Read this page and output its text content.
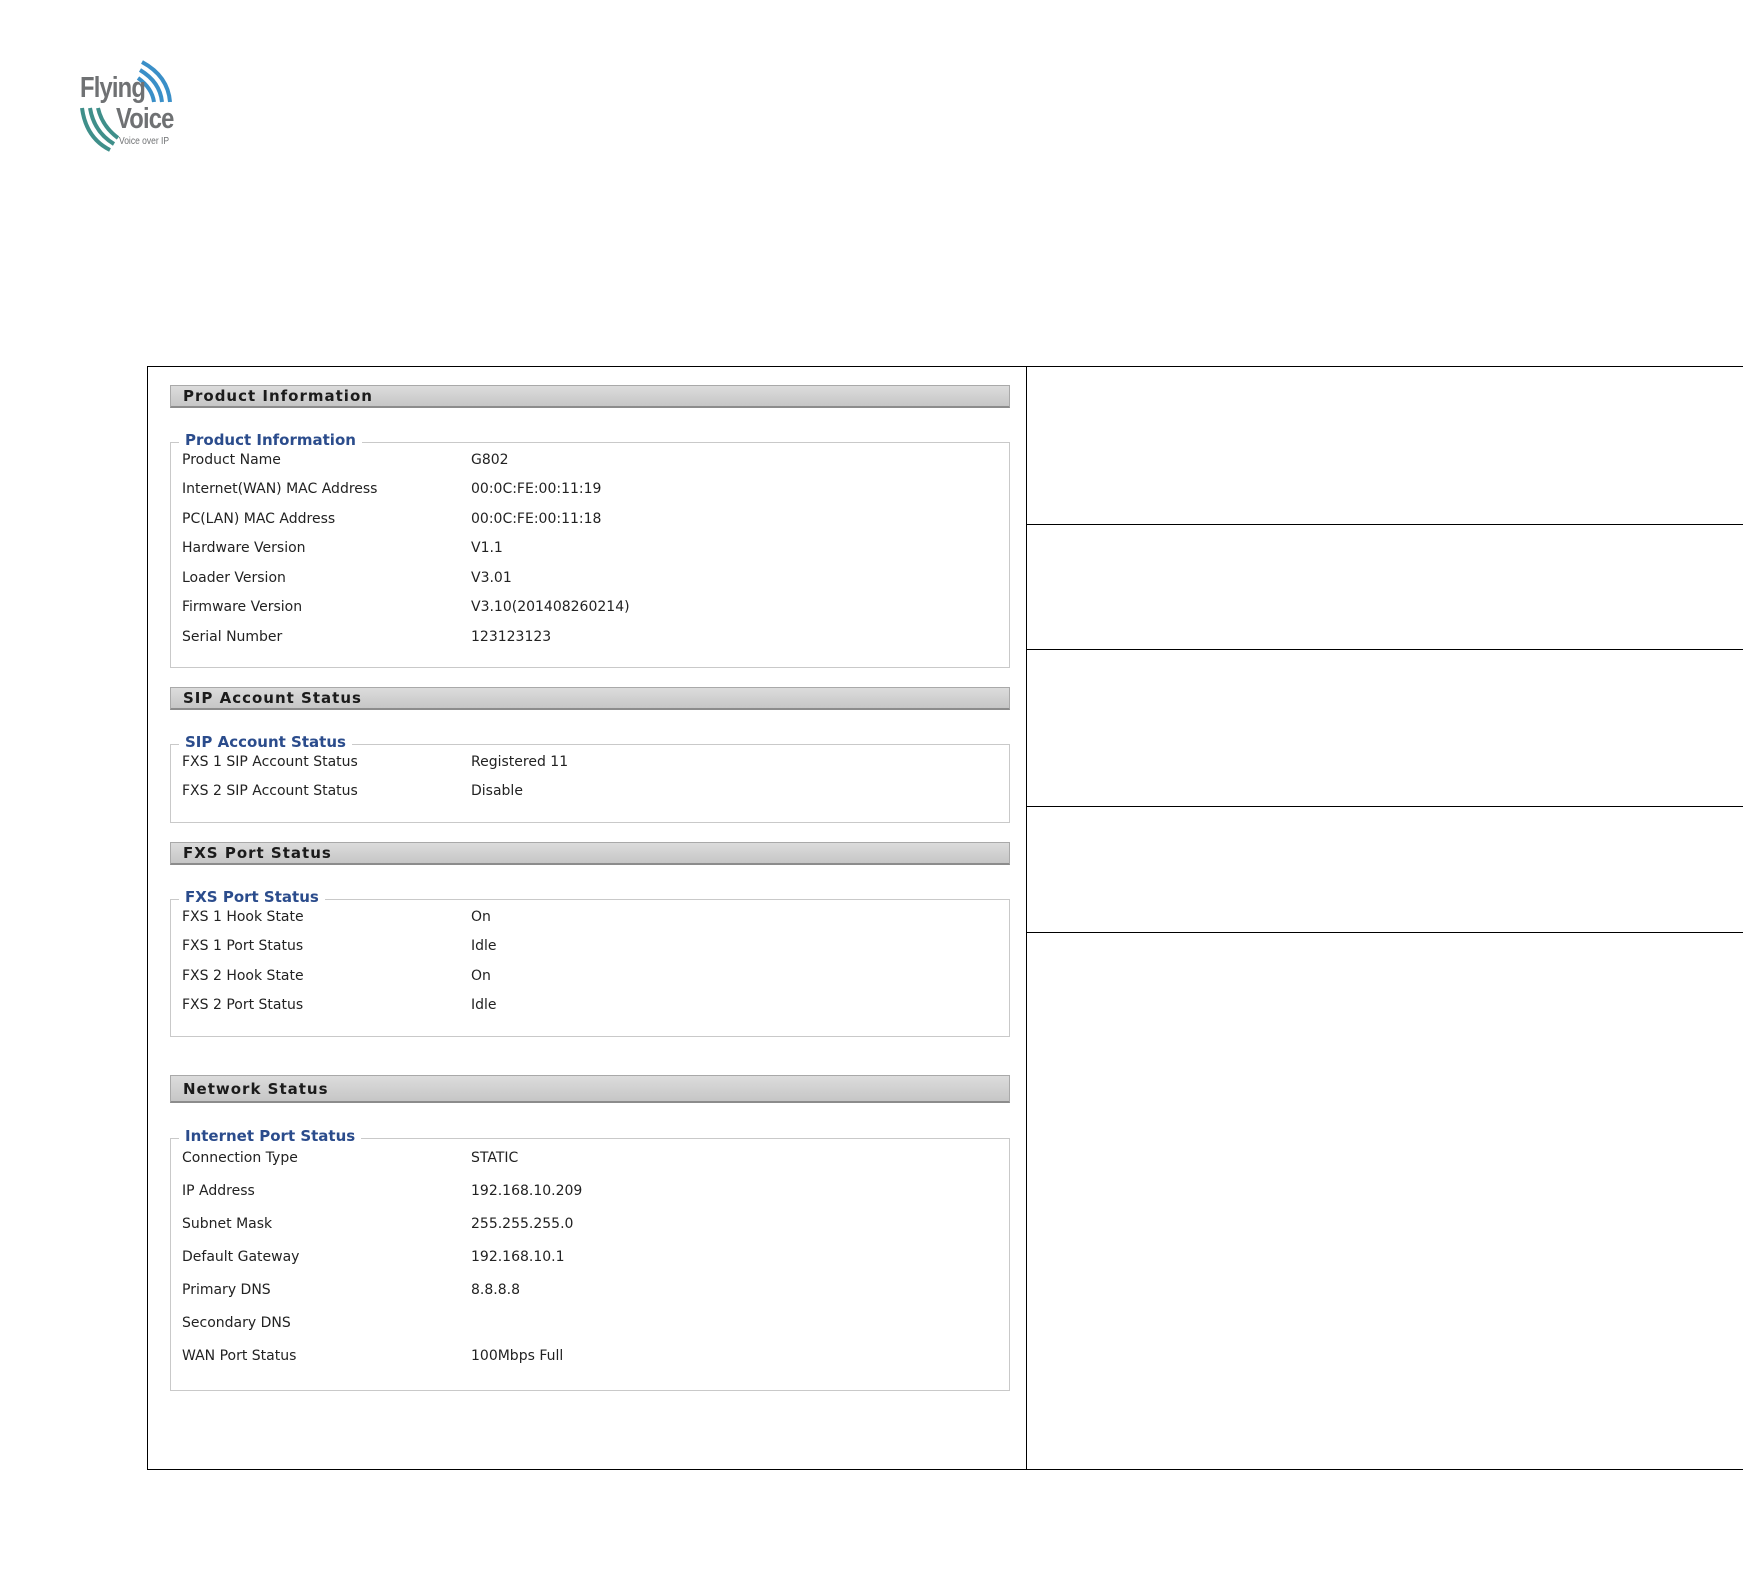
Flying
Voice
Voice over IP
Product Information
Product Information
Product Name	G802
Internet(WAN) MAC Address	00:0C:FE:00:11:19
PC(LAN) MAC Address	00:0C:FE:00:11:18
Hardware Version	V1.1
Loader Version	V3.01
Firmware Version	V3.10(201408260214)
Serial Number	123123123
SIP Account Status
SIP Account Status
FXS 1 SIP Account Status	Registered 11
FXS 2 SIP Account Status	Disable
FXS Port Status
FXS Port Status
FXS 1 Hook State	On
FXS 1 Port Status	Idle
FXS 2 Hook State	On
FXS 2 Port Status	Idle
Network Status
Internet Port Status
Connection Type	STATIC
IP Address	192.168.10.209
Subnet Mask	255.255.255.0
Default Gateway	192.168.10.1
Primary DNS	8.8.8.8
Secondary DNS
WAN Port Status	100Mbps Full
